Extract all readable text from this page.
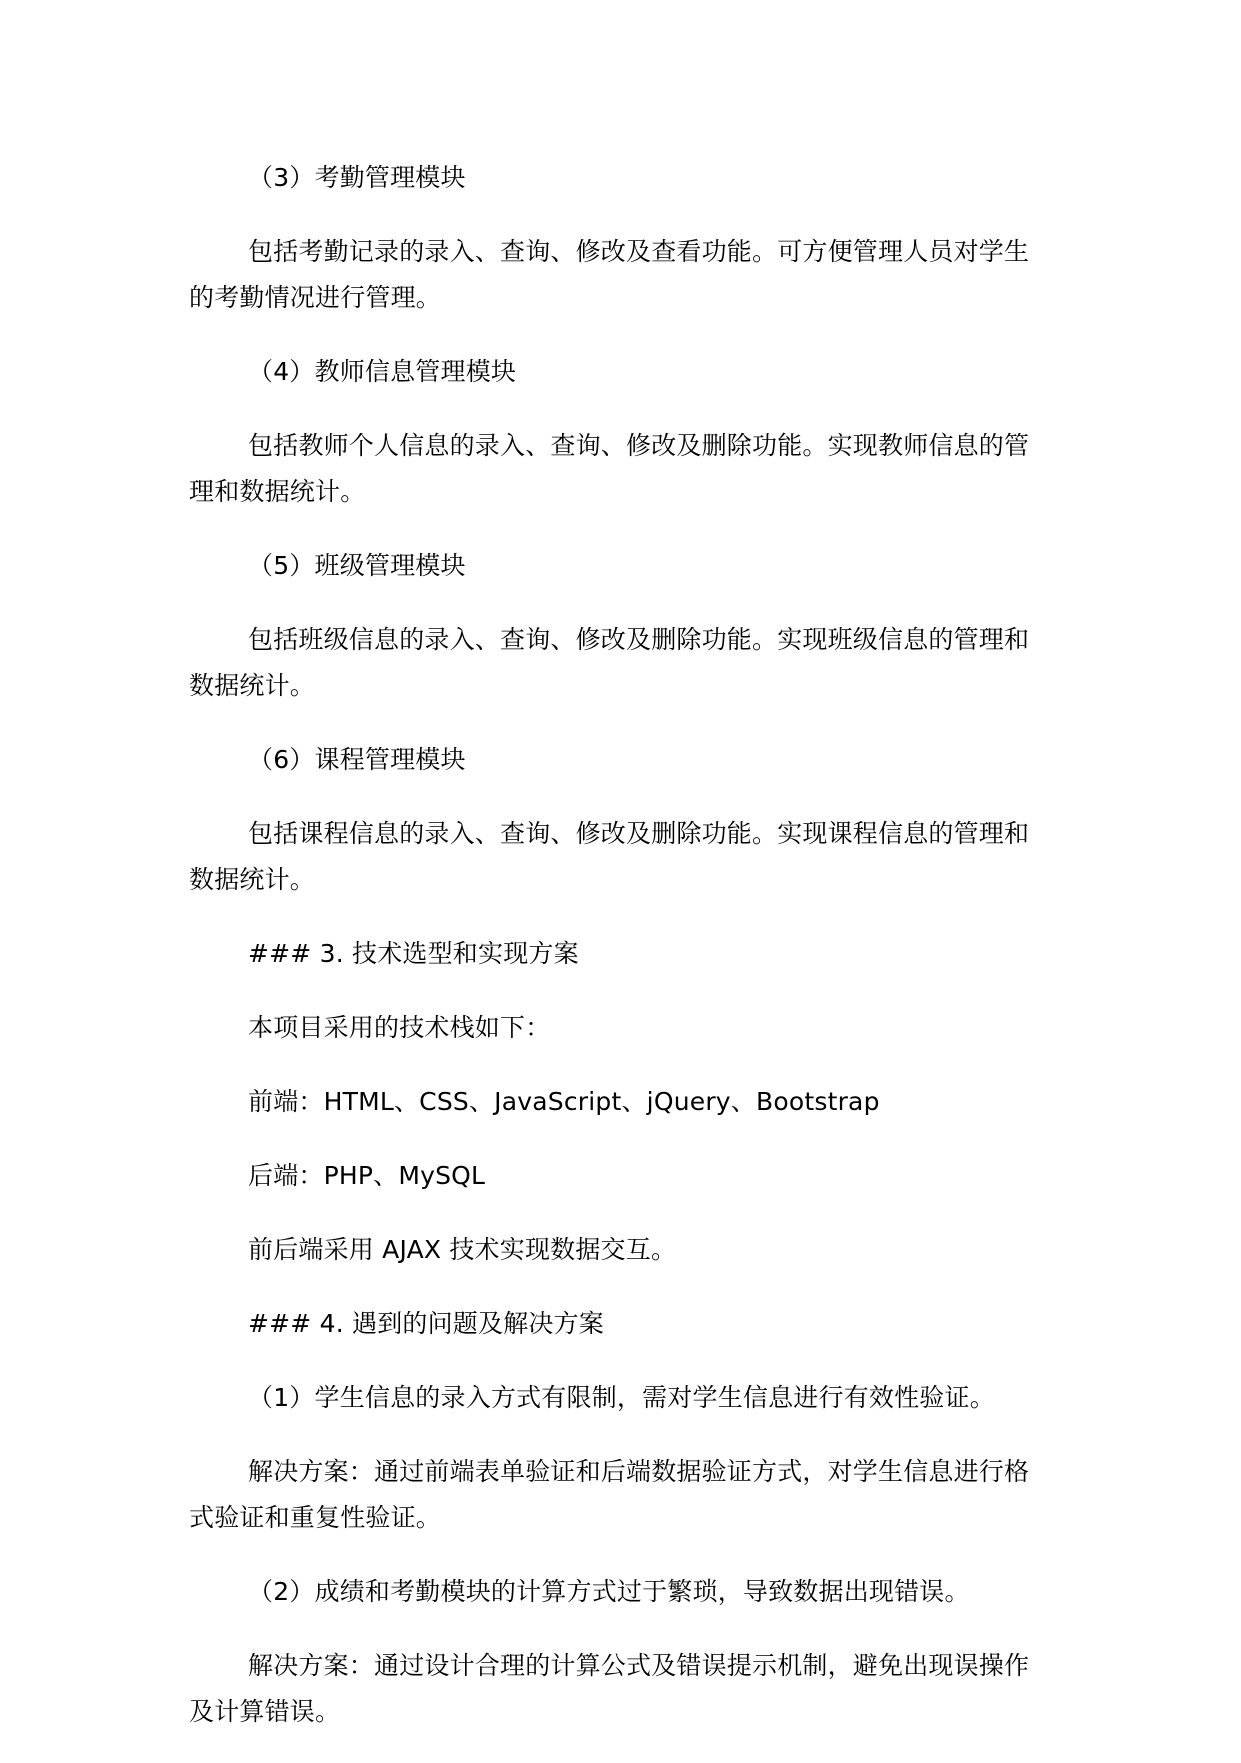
（3）考勤管理模块

包括考勤记录的录入、查询、修改及查看功能。可方便管理人员对学生的考勤情况进行管理。

（4）教师信息管理模块

包括教师个人信息的录入、查询、修改及删除功能。实现教师信息的管理和数据统计。

（5）班级管理模块

包括班级信息的录入、查询、修改及删除功能。实现班级信息的管理和数据统计。

（6）课程管理模块

包括课程信息的录入、查询、修改及删除功能。实现课程信息的管理和数据统计。

### 3. 技术选型和实现方案

本项目采用的技术栈如下：

前端：HTML、CSS、JavaScript、jQuery、Bootstrap

后端：PHP、MySQL

前后端采用 AJAX 技术实现数据交互。

### 4. 遇到的问题及解决方案

（1）学生信息的录入方式有限制，需对学生信息进行有效性验证。

解决方案：通过前端表单验证和后端数据验证方式，对学生信息进行格式验证和重复性验证。

（2）成绩和考勤模块的计算方式过于繁琐，导致数据出现错误。

解决方案：通过设计合理的计算公式及错误提示机制，避免出现误操作及计算错误。
